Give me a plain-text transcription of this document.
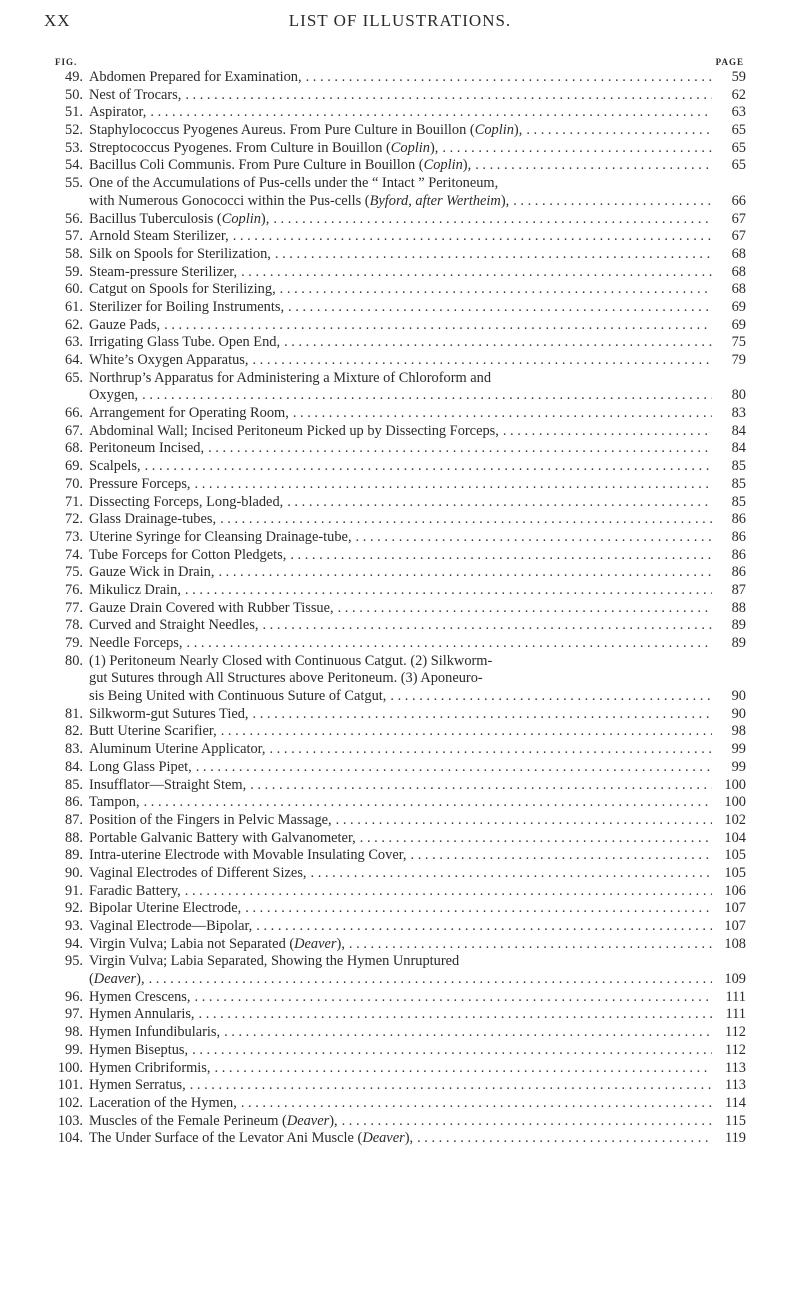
XX	LIST OF ILLUSTRATIONS.
FIG.	PAGE
49. Abdomen Prepared for Examination, . . .	59
50. Nest of Trocars, . . .	62
51. Aspirator, . . .	63
52. Staphylococcus Pyogenes Aureus. From Pure Culture in Bouillon (Coplin), . . .	65
53. Streptococcus Pyogenes. From Culture in Bouillon (Coplin), . . .	65
54. Bacillus Coli Communis. From Pure Culture in Bouillon (Coplin), . . .	65
55. One of the Accumulations of Pus-cells under the “ Intact ” Peritoneum,
with Numerous Gonococci within the Pus-cells (Byford, after Wertheim), . . .	66
56. Bacillus Tuberculosis (Coplin), . . .	67
57. Arnold Steam Sterilizer, . . .	67
58. Silk on Spools for Sterilization, . . .	68
59. Steam-pressure Sterilizer, . . .	68
60. Catgut on Spools for Sterilizing, . . .	68
61. Sterilizer for Boiling Instruments, . . .	69
62. Gauze Pads, . . .	69
63. Irrigating Glass Tube. Open End, . . .	75
64. White’s Oxygen Apparatus, . . .	79
65. Northrup’s Apparatus for Administering a Mixture of Chloroform and
Oxygen, . . .	80
66. Arrangement for Operating Room, . . .	83
67. Abdominal Wall; Incised Peritoneum Picked up by Dissecting Forceps, . . .	84
68. Peritoneum Incised, . . .	84
69. Scalpels, . . .	85
70. Pressure Forceps, . . .	85
71. Dissecting Forceps, Long-bladed, . . .	85
72. Glass Drainage-tubes, . . .	86
73. Uterine Syringe for Cleansing Drainage-tube, . . .	86
74. Tube Forceps for Cotton Pledgets, . . .	86
75. Gauze Wick in Drain, . . .	86
76. Mikulicz Drain, . . .	87
77. Gauze Drain Covered with Rubber Tissue, . . .	88
78. Curved and Straight Needles, . . .	89
79. Needle Forceps, . . .	89
80. (1) Peritoneum Nearly Closed with Continuous Catgut. (2) Silkworm-
gut Sutures through All Structures above Peritoneum. (3) Aponeuro-
sis Being United with Continuous Suture of Catgut, . . .	90
81. Silkworm-gut Sutures Tied, . . .	90
82. Butt Uterine Scarifier, . . .	98
83. Aluminum Uterine Applicator, . . .	99
84. Long Glass Pipet, . . .	99
85. Insufflator—Straight Stem, . . .	100
86. Tampon, . . .	100
87. Position of the Fingers in Pelvic Massage, . . .	102
88. Portable Galvanic Battery with Galvanometer, . . .	104
89. Intra-uterine Electrode with Movable Insulating Cover, . . .	105
90. Vaginal Electrodes of Different Sizes, . . .	105
91. Faradic Battery, . . .	106
92. Bipolar Uterine Electrode, . . .	107
93. Vaginal Electrode—Bipolar, . . .	107
94. Virgin Vulva; Labia not Separated (Deaver), . . .	108
95. Virgin Vulva; Labia Separated, Showing the Hymen Unruptured
(Deaver), . . .	109
96. Hymen Crescens, . . .	111
97. Hymen Annularis, . . .	111
98. Hymen Infundibularis, . . .	112
99. Hymen Biseptus, . . .	112
100. Hymen Cribriformis, . . .	113
101. Hymen Serratus, . . .	113
102. Laceration of the Hymen, . . .	114
103. Muscles of the Female Perineum (Deaver), . . .	115
104. The Under Surface of the Levator Ani Muscle (Deaver), . . .	119
